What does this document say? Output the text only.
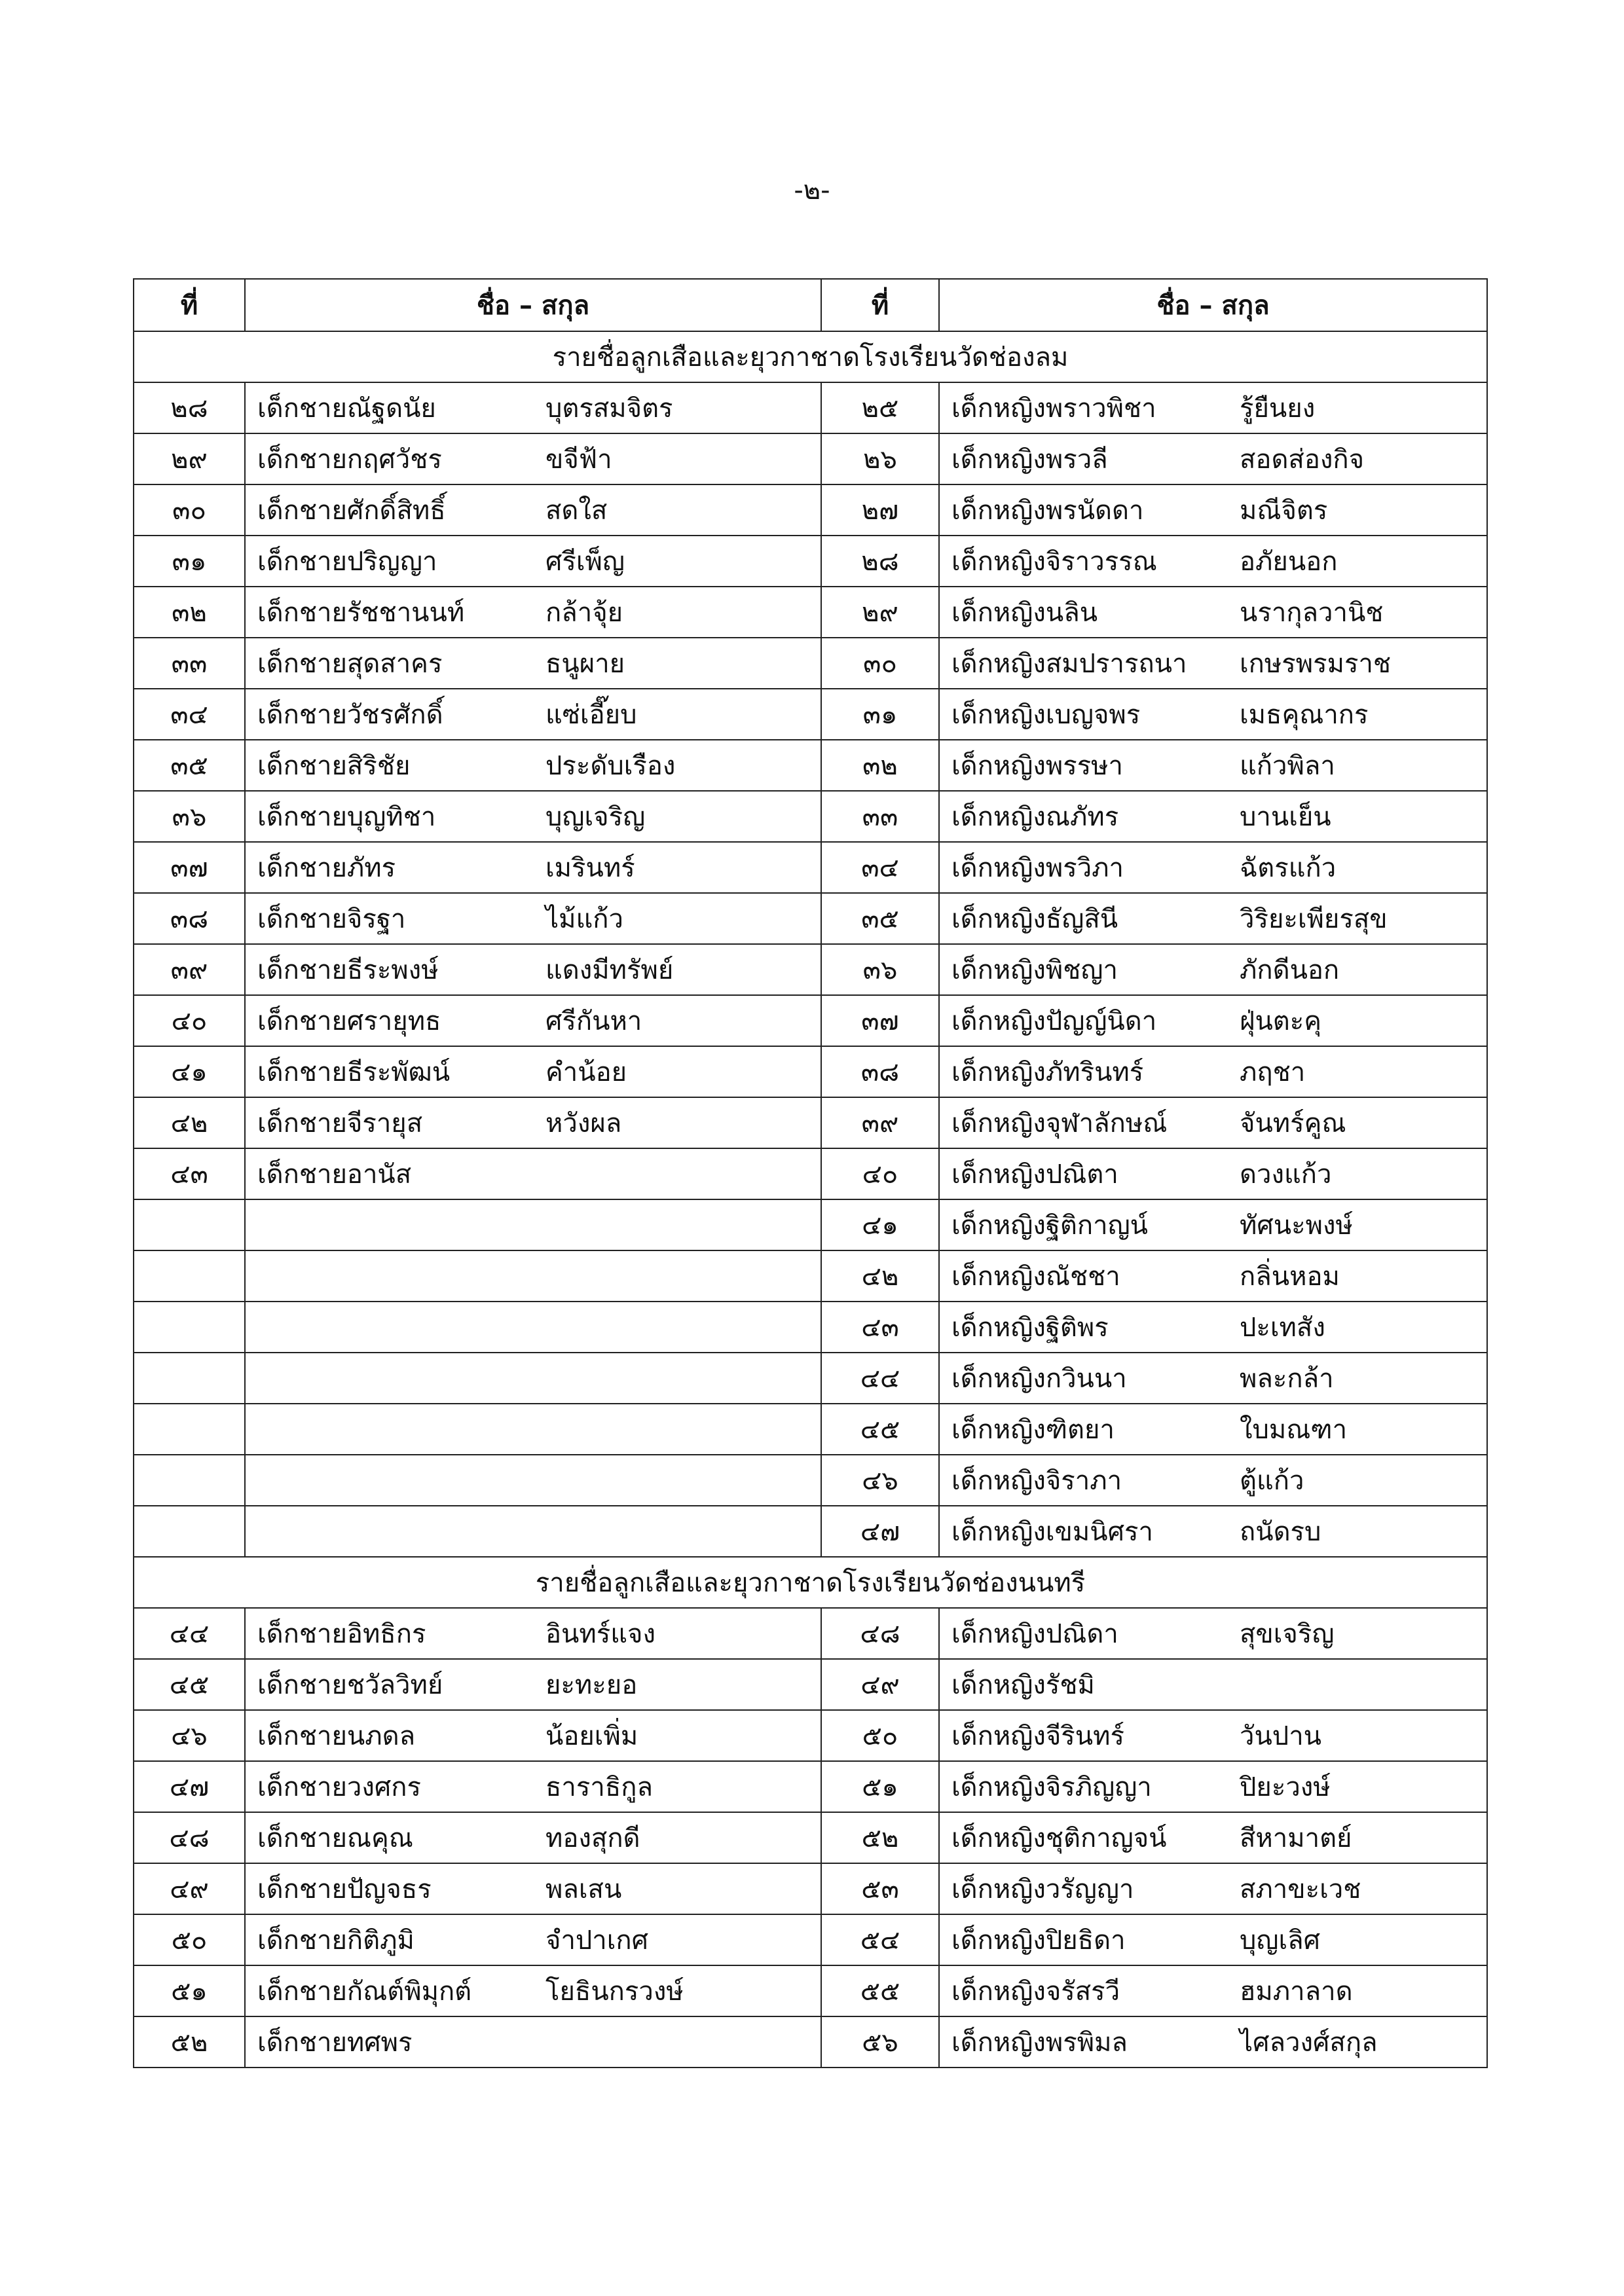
-๒-
ที่	ชื่อ – สกุล	ที่	ชื่อ – สกุล
รายชื่อลูกเสือและยุวกาชาดโรงเรียนวัดช่องลม			
๒๘	เด็กชายณัฐดนัย บุตรสมจิตร	๒๕	เด็กหญิงพราวพิชา รู้ยืนยง
๒๙	เด็กชายกฤศวัชร ขจีฟ้า	๒๖	เด็กหญิงพรวลี สอดส่องกิจ
๓๐	เด็กชายศักดิ์สิทธิ์ สดใส	๒๗	เด็กหญิงพรนัดดา มณีจิตร
๓๑	เด็กชายปริญญา ศรีเพ็ญ	๒๘	เด็กหญิงจิราวรรณ อภัยนอก
๓๒	เด็กชายรัชชานนท์ กล้าจุ้ย	๒๙	เด็กหญิงนลิน นรากุลวานิช
๓๓	เด็กชายสุดสาคร ธนูผาย	๓๐	เด็กหญิงสมปรารถนา เกษรพรมราช
๓๔	เด็กชายวัชรศักดิ์ แซ่เอี๊ยบ	๓๑	เด็กหญิงเบญจพร เมธคุณากร
๓๕	เด็กชายสิริชัย ประดับเรือง	๓๒	เด็กหญิงพรรษา แก้วพิลา
๓๖	เด็กชายบุญทิชา บุญเจริญ	๓๓	เด็กหญิงณภัทร บานเย็น
๓๗	เด็กชายภัทร เมรินทร์	๓๔	เด็กหญิงพรวิภา ฉัตรแก้ว
๓๘	เด็กชายจิรฐา ไม้แก้ว	๓๕	เด็กหญิงธัญสินี วิริยะเพียรสุข
๓๙	เด็กชายธีระพงษ์ แดงมีทรัพย์	๓๖	เด็กหญิงพิชญา ภักดีนอก
๔๐	เด็กชายศรายุทธ ศรีกันหา	๓๗	เด็กหญิงปัญญ์นิดา ฝุ่นตะคุ
๔๑	เด็กชายธีระพัฒน์ คำน้อย	๓๘	เด็กหญิงภัทรินทร์ ภฤชา
๔๒	เด็กชายจีรายุส หวังผล	๓๙	เด็กหญิงจุฬาลักษณ์ จันทร์คูณ
๔๓	เด็กชายอานัส	๔๐	เด็กหญิงปณิตา ดวงแก้ว
		๔๑	เด็กหญิงฐิติกาญน์ ทัศนะพงษ์
		๔๒	เด็กหญิงณัชชา กลิ่นหอม
		๔๓	เด็กหญิงฐิติพร ปะเทสัง
		๔๔	เด็กหญิงกวินนา พละกล้า
		๔๕	เด็กหญิงฑิตยา ใบมณฑา
		๔๖	เด็กหญิงจิราภา ตู้แก้ว
		๔๗	เด็กหญิงเขมนิศรา ถนัดรบ
รายชื่อลูกเสือและยุวกาชาดโรงเรียนวัดช่องนนทรี			
๔๔	เด็กชายอิทธิกร อินทร์แจง	๔๘	เด็กหญิงปณิดา สุขเจริญ
๔๕	เด็กชายชวัลวิทย์ ยะทะยอ	๔๙	เด็กหญิงรัชมิ
๔๖	เด็กชายนภดล น้อยเพิ่ม	๕๐	เด็กหญิงจีรินทร์ วันปาน
๔๗	เด็กชายวงศกร ธาราธิกูล	๕๑	เด็กหญิงจิรภิญญา ปิยะวงษ์
๔๘	เด็กชายณคุณ ทองสุกดี	๕๒	เด็กหญิงชุติกาญจน์ สีหามาตย์
๔๙	เด็กชายปัญจธร พลเสน	๕๓	เด็กหญิงวรัญญา สภาขะเวช
๕๐	เด็กชายกิติภูมิ จำปาเกศ	๕๔	เด็กหญิงปิยธิดา บุญเลิศ
๕๑	เด็กชายกัณต์พิมุกต์ โยธินกรวงษ์	๕๕	เด็กหญิงจรัสรวี ฮมภาลาด
๕๒	เด็กชายทศพร	๕๖	เด็กหญิงพรพิมล ไศลวงศ์สกุล
